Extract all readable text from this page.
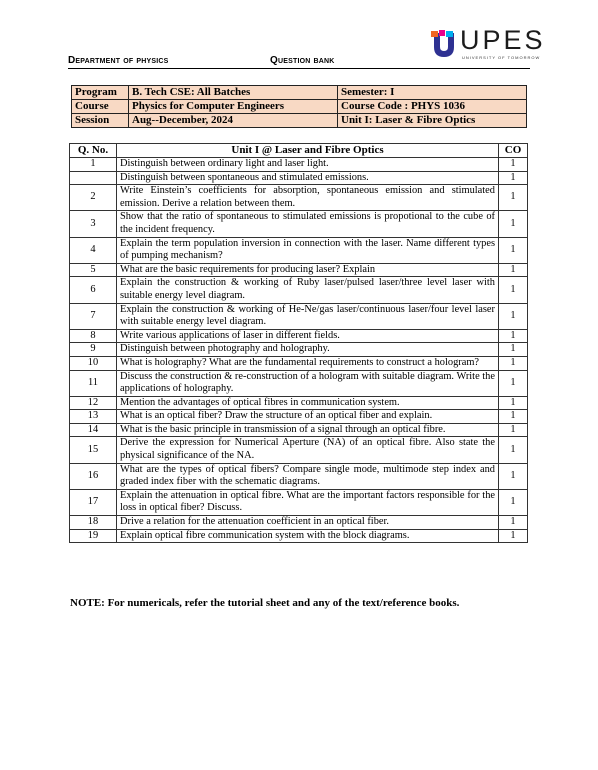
Department of physics	Question bank
UPES
UNIVERSITY OF TOMORROW
Program	B. Tech CSE: All Batches	Semester: I
Course	Physics for Computer Engineers	Course Code : PHYS 1036
Session	Aug--December, 2024	Unit I: Laser & Fibre Optics
Q. No.	Unit I @ Laser and Fibre Optics	CO
1	Distinguish between ordinary light and laser light.	1
	Distinguish between spontaneous and stimulated emissions.	1
2	Write Einstein’s coefficients for absorption, spontaneous emission and stimulated emission. Derive a relation between them.	1
3	Show that the ratio of spontaneous to stimulated emissions is propotional to the cube of the incident frequency.	1
4	Explain the term population inversion in connection with the laser. Name different types of pumping mechanism?	1
5	What are the basic requirements for producing laser? Explain	1
6	Explain the construction & working of Ruby laser/pulsed laser/three level laser with suitable energy level diagram.	1
7	Explain the construction & working of He-Ne/gas laser/continuous laser/four level laser with suitable energy level diagram.	1
8	Write various applications of laser in different fields.	1
9	Distinguish between photography and holography.	1
10	What is holography? What are the fundamental requirements to construct a hologram?	1
11	Discuss the construction & re-construction of a hologram with suitable diagram. Write the applications of holography.	1
12	Mention the advantages of optical fibres in communication system.	1
13	What is an optical fiber? Draw the structure of an optical fiber and explain.	1
14	What is the basic principle in transmission of a signal through an optical fibre.	1
15	Derive the expression for Numerical Aperture (NA) of an optical fibre. Also state the physical significance of the NA.	1
16	What are the types of optical fibers? Compare single mode, multimode step index and graded index fiber with the schematic diagrams.	1
17	Explain the attenuation in optical fibre. What are the important factors responsible for the loss in optical fiber? Discuss.	1
18	Drive a relation for the attenuation coefficient in an optical fiber.	1
19	Explain optical fibre communication system with the block diagrams.	1
NOTE: For numericals, refer the tutorial sheet and any of the text/reference books.
